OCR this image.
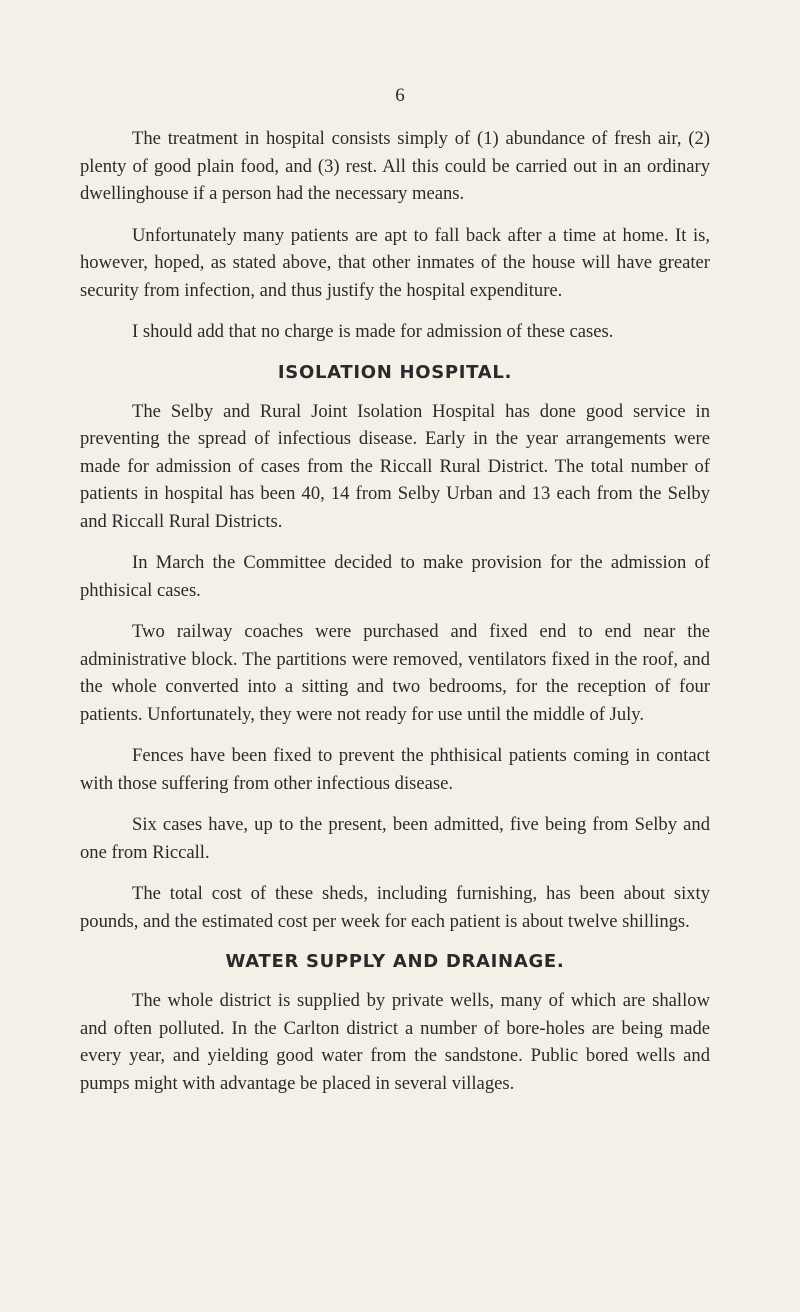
6

The treatment in hospital consists simply of (1) abundance of fresh air, (2) plenty of good plain food, and (3) rest. All this could be carried out in an ordinary dwellinghouse if a person had the necessary means.

Unfortunately many patients are apt to fall back after a time at home. It is, however, hoped, as stated above, that other inmates of the house will have greater security from infection, and thus justify the hospital expenditure.

I should add that no charge is made for admission of these cases.

ISOLATION HOSPITAL.

The Selby and Rural Joint Isolation Hospital has done good service in preventing the spread of infectious disease. Early in the year arrangements were made for admission of cases from the Riccall Rural District. The total number of patients in hospital has been 40, 14 from Selby Urban and 13 each from the Selby and Riccall Rural Districts.

In March the Committee decided to make provision for the admission of phthisical cases.

Two railway coaches were purchased and fixed end to end near the administrative block. The partitions were removed, ventilators fixed in the roof, and the whole converted into a sitting and two bedrooms, for the reception of four patients. Unfortunately, they were not ready for use until the middle of July.

Fences have been fixed to prevent the phthisical patients coming in contact with those suffering from other infectious disease.

Six cases have, up to the present, been admitted, five being from Selby and one from Riccall.

The total cost of these sheds, including furnishing, has been about sixty pounds, and the estimated cost per week for each patient is about twelve shillings.

WATER SUPPLY AND DRAINAGE.

The whole district is supplied by private wells, many of which are shallow and often polluted. In the Carlton district a number of bore-holes are being made every year, and yielding good water from the sandstone. Public bored wells and pumps might with advantage be placed in several villages.
